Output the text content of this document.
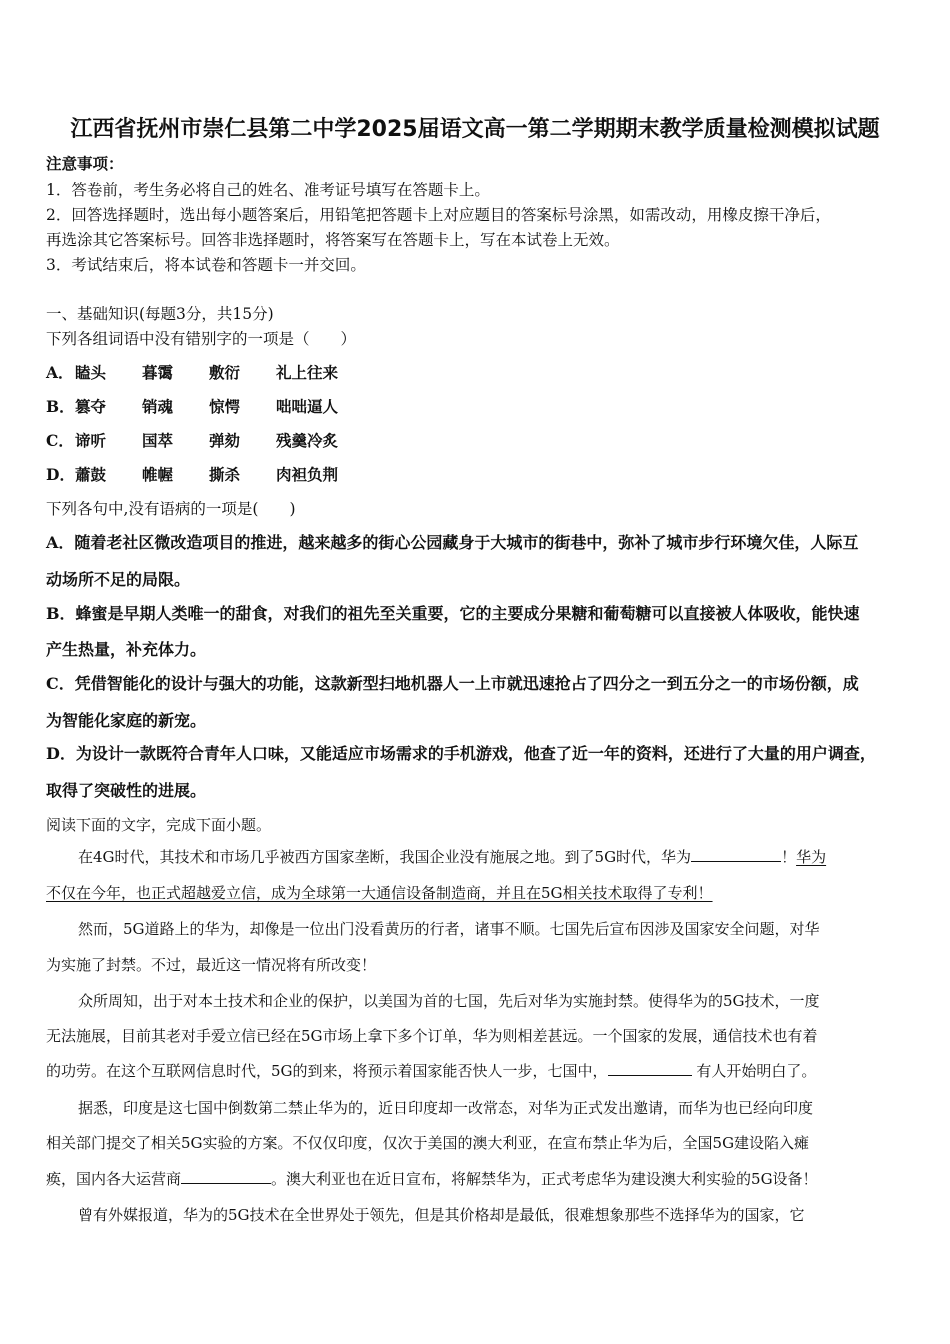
江西省抚州市崇仁县第二中学2025届语文高一第二学期期末教学质量检测模拟试题
注意事项：
1．答卷前，考生务必将自己的姓名、准考证号填写在答题卡上。
2．回答选择题时，选出每小题答案后，用铅笔把答题卡上对应题目的答案标号涂黑，如需改动，用橡皮擦干净后，
再选涂其它答案标号。回答非选择题时，将答案写在答题卡上，写在本试卷上无效。
3．考试结束后，将本试卷和答题卡一并交回。
一、基础知识(每题3分，共15分)
下列各组词语中没有错别字的一项是（　　）
A． 瞌头 暮霭 敷衍 礼上往来
B． 篡夺 销魂 惊愕 咄咄逼人
C． 谛听 国萃 弹劾 残羹冷炙
D． 蕭鼓 帷幄 撕杀 肉袒负荆
下列各句中,没有语病的一项是(　　)
A．随着老社区微改造项目的推进，越来越多的街心公园藏身于大城市的街巷中，弥补了城市步行环境欠佳，人际互
动场所不足的局限。
B．蜂蜜是早期人类唯一的甜食，对我们的祖先至关重要，它的主要成分果糖和葡萄糖可以直接被人体吸收，能快速
产生热量，补充体力。
C．凭借智能化的设计与强大的功能，这款新型扫地机器人一上市就迅速抢占了四分之一到五分之一的市场份额，成
为智能化家庭的新宠。
D．为设计一款既符合青年人口味，又能适应市场需求的手机游戏，他查了近一年的资料，还进行了大量的用户调查，
取得了突破性的进展。
阅读下面的文字，完成下面小题。
在4G时代，其技术和市场几乎被西方国家垄断，我国企业没有施展之地。到了5G时代，华为	！华为
不仅在今年，也正式超越爱立信，成为全球第一大通信设备制造商，并且在5G相关技术取得了专利！
然而，5G道路上的华为，却像是一位出门没看黄历的行者，诸事不顺。七国先后宣布因涉及国家安全问题，对华
为实施了封禁。不过，最近这一情况将有所改变！
众所周知，出于对本土技术和企业的保护，以美国为首的七国，先后对华为实施封禁。使得华为的5G技术，一度
无法施展，目前其老对手爱立信已经在5G市场上拿下多个订单，华为则相差甚远。一个国家的发展，通信技术也有着
的功劳。在这个互联网信息时代，5G的到来，将预示着国家能否快人一步，七国中，	有人开始明白了。
据悉，印度是这七国中倒数第二禁止华为的，近日印度却一改常态，对华为正式发出邀请，而华为也已经向印度
相关部门提交了相关5G实验的方案。不仅仅印度，仅次于美国的澳大利亚，在宣布禁止华为后，全国5G建设陷入瘫
痪，国内各大运营商	。澳大利亚也在近日宣布，将解禁华为，正式考虑华为建设澳大利实验的5G设备！
曾有外媒报道，华为的5G技术在全世界处于领先，但是其价格却是最低，很难想象那些不选择华为的国家，它
